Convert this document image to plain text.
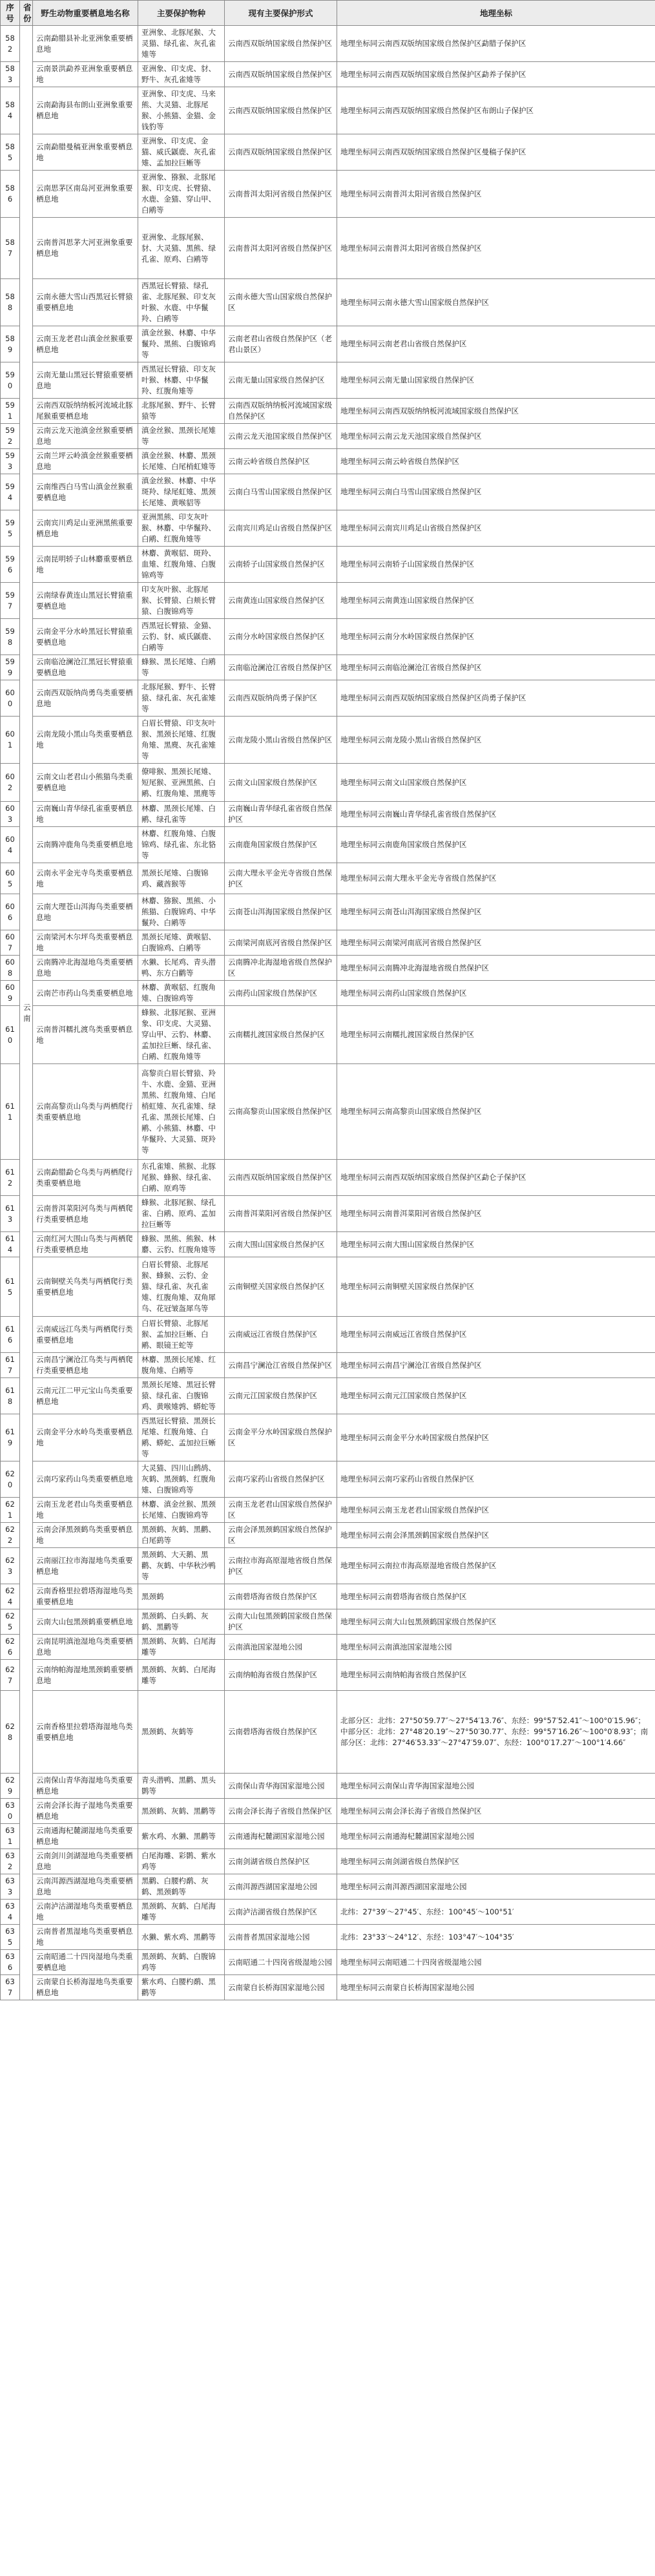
序号	省份	野生动物重要栖息地名称	主要保护物种	现有主要保护形式	地理坐标
582	云南	云南勐腊县补北亚洲象重要栖息地	亚洲象、北豚尾猴、大灵猫、绿孔雀、灰孔雀雉等	云南西双版纳国家级自然保护区	地理坐标同云南西双版纳国家级自然保护区勐腊子保护区
583		云南景洪勐养亚洲象重要栖息地	亚洲象、印支虎、豺、野牛、灰孔雀雉等	云南西双版纳国家级自然保护区	地理坐标同云南西双版纳国家级自然保护区勐养子保护区
584		云南勐海县布朗山亚洲象重要栖息地	亚洲象、印支虎、马来熊、大灵猫、北豚尾猴、小熊猫、金猫、金钱豹等	云南西双版纳国家级自然保护区	地理坐标同云南西双版纳国家级自然保护区布朗山子保护区
585		云南勐腊曼稿亚洲象重要栖息地	亚洲象、印支虎、金猫、威氏鼷鹿、灰孔雀雉、孟加拉巨蜥等	云南西双版纳国家级自然保护区	地理坐标同云南西双版纳国家级自然保护区曼稿子保护区
586		云南思茅区南岛河亚洲象重要栖息地	亚洲象、猕猴、北豚尾猴、印支虎、长臂猿、水鹿、金猫、穿山甲、白鹇等	云南普洱太阳河省级自然保护区	地理坐标同云南普洱太阳河省级自然保护区
587		云南普洱思茅大河亚洲象重要栖息地	亚洲象、北豚尾猴、豺、大灵猫、黑熊、绿孔雀、原鸡、白鹇等	云南普洱太阳河省级自然保护区	地理坐标同云南普洱太阳河省级自然保护区
588		云南永德大雪山西黑冠长臂猿重要栖息地	西黑冠长臂猿、绿孔雀、北豚尾猴、印支灰叶猴、水鹿、中华鬣羚、白鹇等	云南永德大雪山国家级自然保护区	地理坐标同云南永德大雪山国家级自然保护区
589		云南玉龙老君山滇金丝猴重要栖息地	滇金丝猴、林麝、中华鬣羚、黑熊、白腹锦鸡等	云南老君山省级自然保护区（老君山景区）	地理坐标同云南老君山省级自然保护区
590		云南无量山黑冠长臂猿重要栖息地	西黑冠长臂猿、印支灰叶猴、林麝、中华鬣羚、红腹角雉等	云南无量山国家级自然保护区	地理坐标同云南无量山国家级自然保护区
591		云南西双版纳纳板河流域北豚尾猴重要栖息地	北豚尾猴、野牛、长臂猿等	云南西双版纳纳板河流域国家级自然保护区	地理坐标同云南西双版纳纳板河流域国家级自然保护区
592		云南云龙天池滇金丝猴重要栖息地	滇金丝猴、黑颈长尾雉等	云南云龙天池国家级自然保护区	地理坐标同云南云龙天池国家级自然保护区
593		云南兰坪云岭滇金丝猴重要栖息地	滇金丝猴、林麝、黑颈长尾雉、白尾梢虹雉等	云南云岭省级自然保护区	地理坐标同云南云岭省级自然保护区
594		云南维西白马雪山滇金丝猴重要栖息地	滇金丝猴、林麝、中华斑羚、绿尾虹雉、黑颈长尾雉、黄喉貂等	云南白马雪山国家级自然保护区	地理坐标同云南白马雪山国家级自然保护区
595		云南宾川鸡足山亚洲黑熊重要栖息地	亚洲黑熊、印支灰叶猴、林麝、中华鬣羚、白鹇、红腹角雉等	云南宾川鸡足山省级自然保护区	地理坐标同云南宾川鸡足山省级自然保护区
596		云南昆明轿子山林麝重要栖息地	林麝、黄喉貂、斑羚、血雉、红腹角雉、白腹锦鸡等	云南轿子山国家级自然保护区	地理坐标同云南轿子山国家级自然保护区
597		云南绿春黄连山黑冠长臂猿重要栖息地	印支灰叶猴、北豚尾猴、长臂猿、白颊长臂猿、白腹锦鸡等	云南黄连山国家级自然保护区	地理坐标同云南黄连山国家级自然保护区
598		云南金平分水岭黑冠长臂猿重要栖息地	西黑冠长臂猿、金猫、云豹、豺、威氏鼷鹿、白鹇等	云南分水岭国家级自然保护区	地理坐标同云南分水岭国家级自然保护区
599		云南临沧澜沧江黑冠长臂猿重要栖息地	蜂猴、黑长尾雉、白鹇等	云南临沧澜沧江省级自然保护区	地理坐标同云南临沧澜沧江省级自然保护区
600		云南西双版纳尚勇鸟类重要栖息地	北豚尾猴、野牛、长臂猿、绿孔雀、灰孔雀雉等	云南西双版纳尚勇子保护区	地理坐标同云南西双版纳国家级自然保护区尚勇子保护区
601		云南龙陵小黑山鸟类重要栖息地	白眉长臂猿、印支灰叶猴、黑颈长尾雉、红腹角雉、黑麂、灰孔雀雉等	云南龙陵小黑山省级自然保护区	地理坐标同云南龙陵小黑山省级自然保护区
602		云南文山老君山小熊猫鸟类重要栖息地	僚啡猴、黑颈长尾雉、短尾猴、亚洲黑熊、白鹇、红腹角雉、黑麂等	云南文山国家级自然保护区	地理坐标同云南文山国家级自然保护区
603		云南巍山青华绿孔雀重要栖息地	林麝、黑颈长尾雉、白鹇、绿孔雀等	云南巍山青华绿孔雀省级自然保护区	地理坐标同云南巍山青华绿孔雀省级自然保护区
604		云南腾冲鹿角鸟类重要栖息地	林麝、红腹角雉、白腹锦鸡、绿孔雀、东北貉等	云南鹿角国家级自然保护区	地理坐标同云南鹿角国家级自然保护区
605		云南永平金光寺鸟类重要栖息地	黑颈长尾雉、白腹锦鸡、藏酋猴等	云南大理永平金光寺省级自然保护区	地理坐标同云南大理永平金光寺省级自然保护区
606		云南大理苍山洱海鸟类重要栖息地	林麝、猕猴、黑熊、小熊猫、白腹锦鸡、中华鬣羚、白鹇等	云南苍山洱海国家级自然保护区	地理坐标同云南苍山洱海国家级自然保护区
607		云南梁河木尔坪鸟类重要栖息地	黑颈长尾雉、黄喉貂、白腹锦鸡、白鹇等	云南梁河南底河省级自然保护区	地理坐标同云南梁河南底河省级自然保护区
608		云南腾冲北海湿地鸟类重要栖息地	水獭、长尾鸡、青头潜鸭、东方白鹳等	云南腾冲北海湿地省级自然保护区	地理坐标同云南腾冲北海湿地省级自然保护区
609		云南芒市药山鸟类重要栖息地	林麝、黄喉貂、红腹角雉、白腹锦鸡等	云南药山国家级自然保护区	地理坐标同云南药山国家级自然保护区
610		云南普洱糯扎渡鸟类重要栖息地	蜂猴、北豚尾猴、亚洲象、印支虎、大灵猫、穿山甲、云豹、林麝、孟加拉巨蜥、绿孔雀、白鹇、红腹角雉等	云南糯扎渡国家级自然保护区	地理坐标同云南糯扎渡国家级自然保护区
611		云南高黎贡山鸟类与两栖爬行类重要栖息地	高黎贡白眉长臂猿、羚牛、水鹿、金猫、亚洲黑熊、红腹角雉、白尾梢虹雉、灰孔雀雉、绿孔雀、黑颈长尾雉、白鹇、小熊猫、林麝、中华鬣羚、大灵猫、斑羚等	云南高黎贡山国家级自然保护区	地理坐标同云南高黎贡山国家级自然保护区
612		云南勐腊勐仑鸟类与两栖爬行类重要栖息地	东孔雀雉、熊猴、北豚尾猴、蜂猴、绿孔雀、白鹇、原鸡等	云南西双版纳国家级自然保护区	地理坐标同云南西双版纳国家级自然保护区勐仑子保护区
613		云南普洱菜阳河鸟类与两栖爬行类重要栖息地	蜂猴、北豚尾猴、绿孔雀、白鹇、原鸡、孟加拉巨蜥等	云南普洱菜阳河省级自然保护区	地理坐标同云南普洱菜阳河省级自然保护区
614		云南红河大围山鸟类与两栖爬行类重要栖息地	蜂猴、黑熊、熊猴、林麝、云豹、红腹角雉等	云南大围山国家级自然保护区	地理坐标同云南大围山国家级自然保护区
615		云南铜壁关鸟类与两栖爬行类重要栖息地	白眉长臂猿、北豚尾猴、蜂猴、云豹、金猫、绿孔雀、灰孔雀雉、红腹角雉、双角犀鸟、花冠皱盔犀鸟等	云南铜壁关国家级自然保护区	地理坐标同云南铜壁关国家级自然保护区
616		云南威远江鸟类与两栖爬行类重要栖息地	白眉长臂猿、北豚尾猴、孟加拉巨蜥、白鹇、眼镜王蛇等	云南威远江省级自然保护区	地理坐标同云南威远江省级自然保护区
617		云南昌宁澜沧江鸟类与两栖爬行类重要栖息地	林麝、黑颈长尾雉、红腹角雉、白鹇等	云南昌宁澜沧江省级自然保护区	地理坐标同云南昌宁澜沧江省级自然保护区
618		云南元江二甲元宝山鸟类重要栖息地	黑颈长尾雉、黑冠长臂猿、绿孔雀、白腹锦鸡、黄喉雉鹑、蟒蛇等	云南元江国家级自然保护区	地理坐标同云南元江国家级自然保护区
619		云南金平分水岭鸟类重要栖息地	西黑冠长臂猿、黑颈长尾雉、红腹角雉、白鹇、蟒蛇、孟加拉巨蜥等	云南金平分水岭国家级自然保护区	地理坐标同云南金平分水岭国家级自然保护区
620		云南巧家药山鸟类重要栖息地	大灵猫、四川山鹧鸪、灰鹤、黑颈鹤、红腹角雉、白腹锦鸡等	云南巧家药山省级自然保护区	地理坐标同云南巧家药山省级自然保护区
621		云南玉龙老君山鸟类重要栖息地	林麝、滇金丝猴、黑颈长尾雉、白腹锦鸡等	云南玉龙老君山国家级自然保护区	地理坐标同云南玉龙老君山国家级自然保护区
622		云南会泽黑颈鹤鸟类重要栖息地	黑颈鹤、灰鹤、黑鹳、白尾鹞等	云南会泽黑颈鹤国家级自然保护区	地理坐标同云南会泽黑颈鹤国家级自然保护区
623		云南丽江拉市海湿地鸟类重要栖息地	黑颈鹤、大天鹅、黑鹳、灰鹤、中华秋沙鸭等	云南拉市海高原湿地省级自然保护区	地理坐标同云南拉市海高原湿地省级自然保护区
624		云南香格里拉碧塔海湿地鸟类重要栖息地	黑颈鹤	云南碧塔海省级自然保护区	地理坐标同云南碧塔海省级自然保护区
625		云南大山包黑颈鹤重要栖息地	黑颈鹤、白头鹤、灰鹤、黑鹳等	云南大山包黑颈鹤国家级自然保护区	地理坐标同云南大山包黑颈鹤国家级自然保护区
626		云南昆明滇池湿地鸟类重要栖息地	黑颈鹤、灰鹤、白尾海雕等	云南滇池国家湿地公园	地理坐标同云南滇池国家湿地公园
627		云南纳帕海湿地黑颈鹤重要栖息地	黑颈鹤、灰鹤、白尾海雕等	云南纳帕海省级自然保护区	地理坐标同云南纳帕海省级自然保护区
628		云南香格里拉碧塔海湿地鸟类重要栖息地	黑颈鹤、灰鹤等	云南碧塔海省级自然保护区	北部分区：北纬：27°50′59.77″～27°54′13.76″、东经：99°57′52.41″～100°0′15.96″；中部分区：北纬：27°48′20.19″～27°50′30.77″、东经：99°57′16.26″～100°0′8.93″；南部分区：北纬：27°46′53.33″～27°47′59.07″、东经：100°0′17.27″～100°1′4.66″
629		云南保山青华海湿地鸟类重要栖息地	青头潜鸭、黑鹳、黑头鹮等	云南保山青华海国家湿地公园	地理坐标同云南保山青华海国家湿地公园
630		云南会泽长海子湿地鸟类重要栖息地	黑颈鹤、灰鹤、黑鹳等	云南会泽长海子省级自然保护区	地理坐标同云南会泽长海子省级自然保护区
631		云南通海杞麓湖湿地鸟类重要栖息地	紫水鸡、水獭、黑鹳等	云南通海杞麓湖国家湿地公园	地理坐标同云南通海杞麓湖国家湿地公园
632		云南剑川剑湖湿地鸟类重要栖息地	白尾海雕、彩鹮、紫水鸡等	云南剑湖省级自然保护区	地理坐标同云南剑湖省级自然保护区
633		云南洱源西湖湿地鸟类重要栖息地	黑鹳、白腰杓鹬、灰鹤、黑颈鹤等	云南洱源西湖国家湿地公园	地理坐标同云南洱源西湖国家湿地公园
634		云南泸沽湖湿地鸟类重要栖息地	黑颈鹤、灰鹤、白尾海雕等	云南泸沽湖省级自然保护区	北纬：27°39′～27°45′、东经：100°45′～100°51′
635		云南普者黑湿地鸟类重要栖息地	水獭、紫水鸡、黑鹳等	云南普者黑国家湿地公园	北纬：23°33′～24°12′、东经：103°47′～104°35′
636		云南昭通二十四岗湿地鸟类重要栖息地	黑颈鹤、灰鹤、白腹锦鸡等	云南昭通二十四岗省级湿地公园	地理坐标同云南昭通二十四岗省级湿地公园
637		云南蒙自长桥海湿地鸟类重要栖息地	紫水鸡、白腰杓鹬、黑鹳等	云南蒙自长桥海国家湿地公园	地理坐标同云南蒙自长桥海国家湿地公园
